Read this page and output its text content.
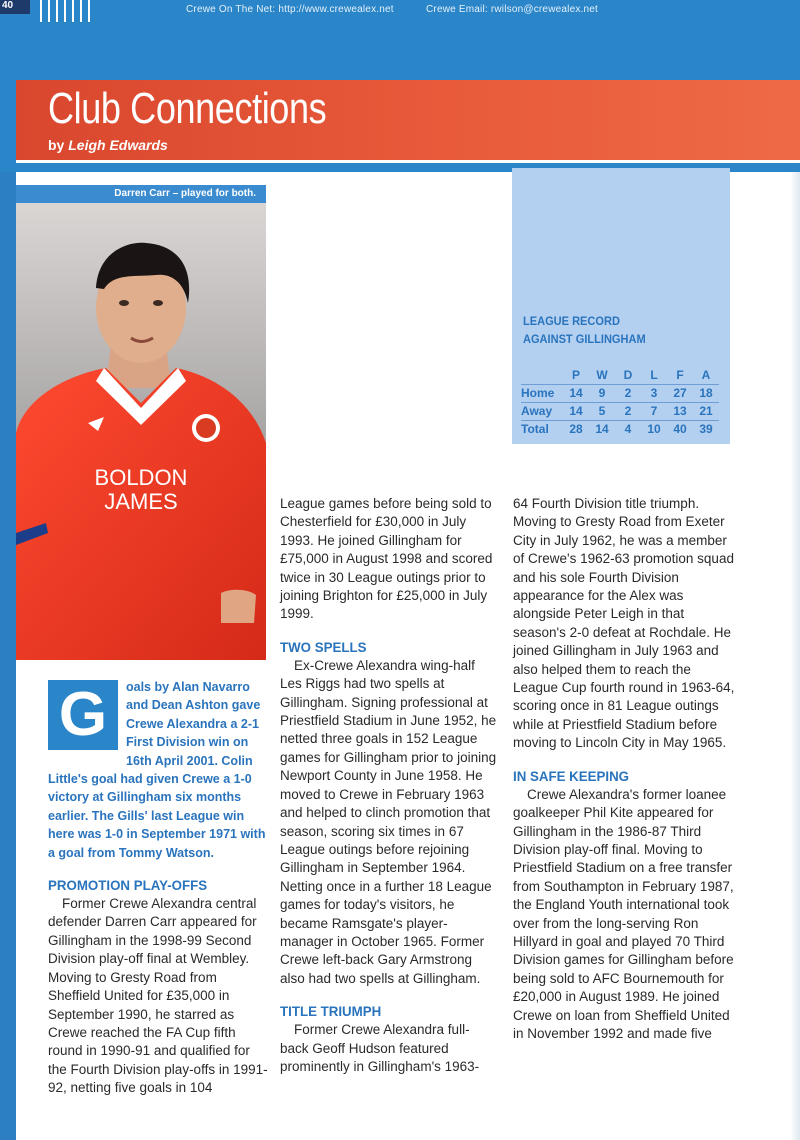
40	Crewe On The Net: http://www.crewealex.net	Crewe Email: rwilson@crewealex.net
Club Connections
by Leigh Edwards
Darren Carr – played for both.
BOLDON
JAMES
LEAGUE RECORD
AGAINST GILLINGHAM
	P	W	D	L	F	A
Home	14	9	2	3	27	18
Away	14	5	2	7	13	21
Total	28	14	4	10	40	39
G	oals by Alan Navarro and Dean Ashton gave Crewe Alexandra a 2-1 First Division win on 16th April 2001. Colin Little's goal had given Crewe a 1-0 victory at Gillingham six months earlier. The Gills' last League win here was 1-0 in September 1971 with a goal from Tommy Watson.
PROMOTION PLAY-OFFS

Former Crewe Alexandra central defender Darren Carr appeared for Gillingham in the 1998-99 Second Division play-off final at Wembley. Moving to Gresty Road from Sheffield United for £35,000 in September 1990, he starred as Crewe reached the FA Cup fifth round in 1990-91 and qualified for the Fourth Division play-offs in 1991-92, netting five goals in 104

League games before being sold to Chesterfield for £30,000 in July 1993. He joined Gillingham for £75,000 in August 1998 and scored twice in 30 League outings prior to joining Brighton for £25,000 in July 1999.

TWO SPELLS

Ex-Crewe Alexandra wing-half Les Riggs had two spells at Gillingham. Signing professional at Priestfield Stadium in June 1952, he netted three goals in 152 League games for Gillingham prior to joining Newport County in June 1958. He moved to Crewe in February 1963 and helped to clinch promotion that season, scoring six times in 67 League outings before rejoining Gillingham in September 1964. Netting once in a further 18 League games for today's visitors, he became Ramsgate's player-manager in October 1965. Former Crewe left-back Gary Armstrong also had two spells at Gillingham.

TITLE TRIUMPH

Former Crewe Alexandra full-back Geoff Hudson featured prominently in Gillingham's 1963-

64 Fourth Division title triumph. Moving to Gresty Road from Exeter City in July 1962, he was a member of Crewe's 1962-63 promotion squad and his sole Fourth Division appearance for the Alex was alongside Peter Leigh in that season's 2-0 defeat at Rochdale. He joined Gillingham in July 1963 and also helped them to reach the League Cup fourth round in 1963-64, scoring once in 81 League outings while at Priestfield Stadium before moving to Lincoln City in May 1965.

IN SAFE KEEPING

Crewe Alexandra's former loanee goalkeeper Phil Kite appeared for Gillingham in the 1986-87 Third Division play-off final. Moving to Priestfield Stadium on a free transfer from Southampton in February 1987, the England Youth international took over from the long-serving Ron Hillyard in goal and played 70 Third Division games for Gillingham before being sold to AFC Bournemouth for £20,000 in August 1989. He joined Crewe on loan from Sheffield United in November 1992 and made five
